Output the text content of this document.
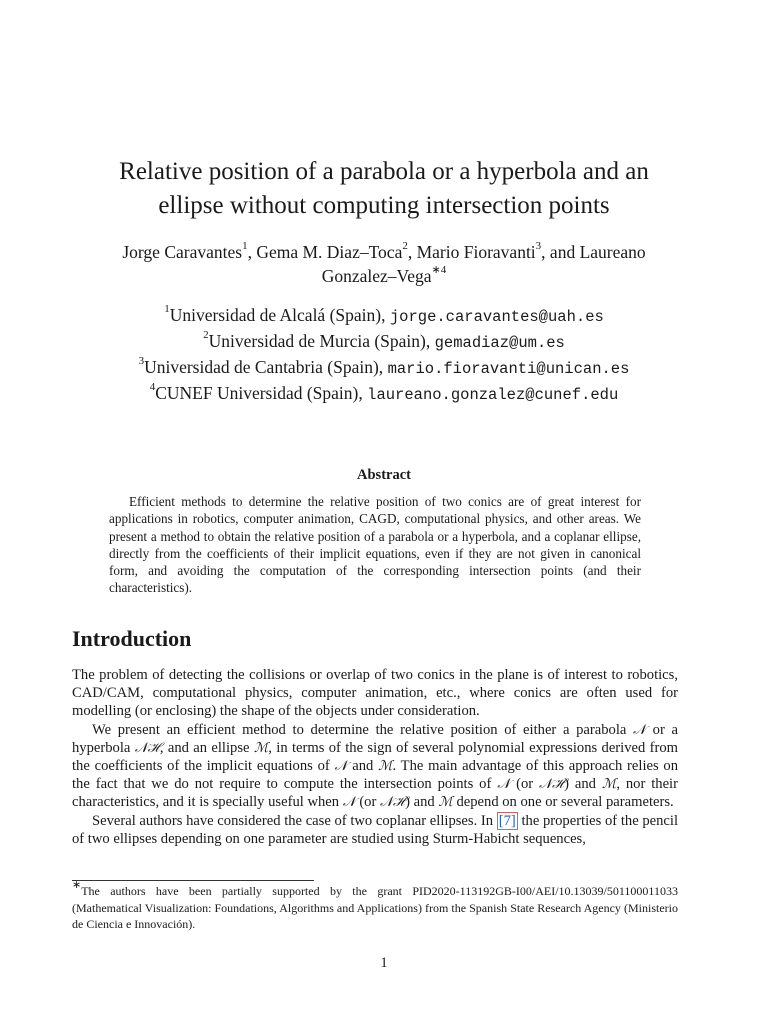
Relative position of a parabola or a hyperbola and an
ellipse without computing intersection points
Jorge Caravantes$^1$, Gema M. Diaz–Toca$^2$, Mario Fioravanti$^3$, and Laureano
Gonzalez–Vega$^{∗4}$
$^1$Universidad de Alcalá (Spain), jorge.caravantes@uah.es
$^2$Universidad de Murcia (Spain), gemadiaz@um.es
$^3$Universidad de Cantabria (Spain), mario.fioravanti@unican.es
$^4$CUNEF Universidad (Spain), laureano.gonzalez@cunef.edu
Abstract
Efficient methods to determine the relative position of two conics are of great interest for applications in robotics, computer animation, CAGD, computational physics, and other areas. We present a method to obtain the relative position of a parabola or a hyperbola, and a coplanar ellipse, directly from the coefficients of their implicit equations, even if they are not given in canonical form, and avoiding the computation of the corresponding intersection points (and their characteristics).
Introduction

The problem of detecting the collisions or overlap of two conics in the plane is of interest to robotics, CAD/CAM, computational physics, computer animation, etc., where conics are often used for modelling (or enclosing) the shape of the objects under consideration.

We present an efficient method to determine the relative position of either a parabola 𝒩 or a hyperbola 𝒩ℋ, and an ellipse ℳ, in terms of the sign of several polynomial expressions derived from the coefficients of the implicit equations of 𝒩 and ℳ. The main advantage of this approach relies on the fact that we do not require to compute the intersection points of 𝒩 (or 𝒩ℋ) and ℳ, nor their characteristics, and it is specially useful when 𝒩 (or 𝒩ℋ) and ℳ depend on one or several parameters.

Several authors have considered the case of two coplanar ellipses. In [7] the properties of the pencil of two ellipses depending on one parameter are studied using Sturm-Habicht sequences,

∗The authors have been partially supported by the grant PID2020-113192GB-I00/AEI/10.13039/501100011033 (Mathematical Visualization: Foundations, Algorithms and Applications) from the Spanish State Research Agency (Ministerio de Ciencia e Innovación).
1
